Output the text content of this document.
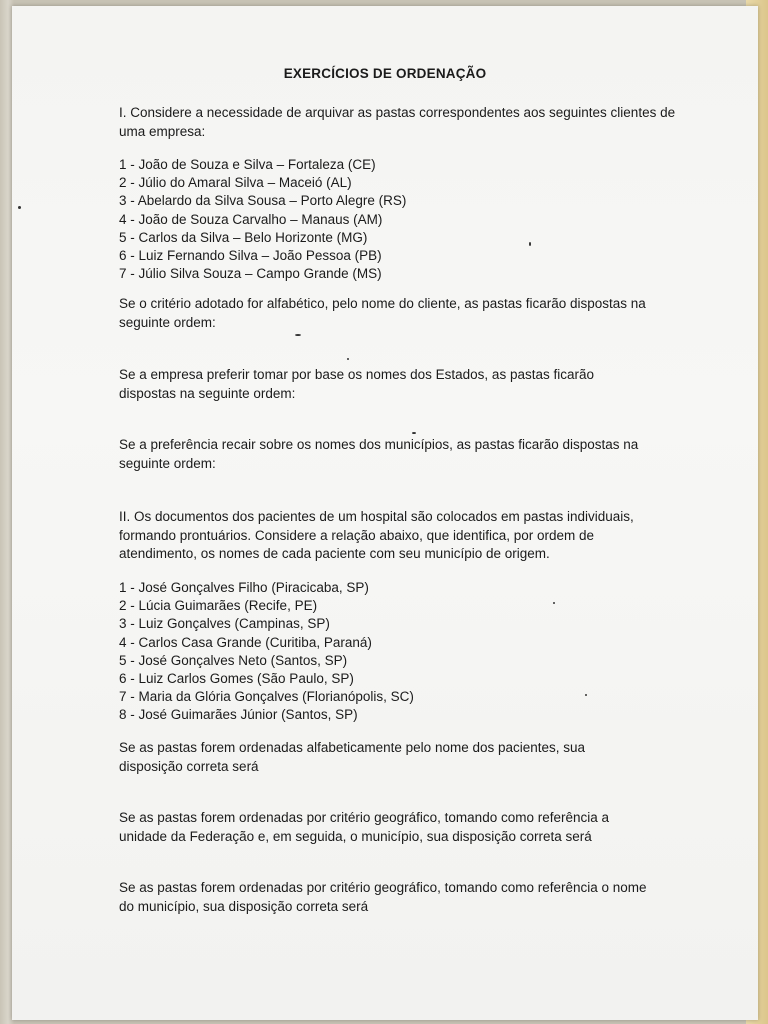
EXERCÍCIOS DE ORDENAÇÃO
I. Considere a necessidade de arquivar as pastas correspondentes aos seguintes clientes de uma empresa:
1 - João de Souza e Silva – Fortaleza (CE)
2 - Júlio do Amaral Silva – Maceió (AL)
3 - Abelardo da Silva Sousa – Porto Alegre (RS)
4 - João de Souza Carvalho – Manaus (AM)
5 - Carlos da Silva – Belo Horizonte (MG)
6 - Luiz Fernando Silva – João Pessoa (PB)
7 - Júlio Silva Souza – Campo Grande (MS)
Se o critério adotado for alfabético, pelo nome do cliente, as pastas ficarão dispostas na seguinte ordem:
Se a empresa preferir tomar por base os nomes dos Estados, as pastas ficarão dispostas na seguinte ordem:
Se a preferência recair sobre os nomes dos municípios, as pastas ficarão dispostas na seguinte ordem:
II. Os documentos dos pacientes de um hospital são colocados em pastas individuais, formando prontuários. Considere a relação abaixo, que identifica, por ordem de atendimento, os nomes de cada paciente com seu município de origem.
1 - José Gonçalves Filho (Piracicaba, SP)
2 - Lúcia Guimarães (Recife, PE)
3 - Luiz Gonçalves (Campinas, SP)
4 - Carlos Casa Grande (Curitiba, Paraná)
5 - José Gonçalves Neto (Santos, SP)
6 - Luiz Carlos Gomes (São Paulo, SP)
7 - Maria da Glória Gonçalves (Florianópolis, SC)
8 - José Guimarães Júnior (Santos, SP)
Se as pastas forem ordenadas alfabeticamente pelo nome dos pacientes, sua disposição correta será
Se as pastas forem ordenadas por critério geográfico, tomando como referência a unidade da Federação e, em seguida, o município, sua disposição correta será
Se as pastas forem ordenadas por critério geográfico, tomando como referência o nome do município, sua disposição correta será
